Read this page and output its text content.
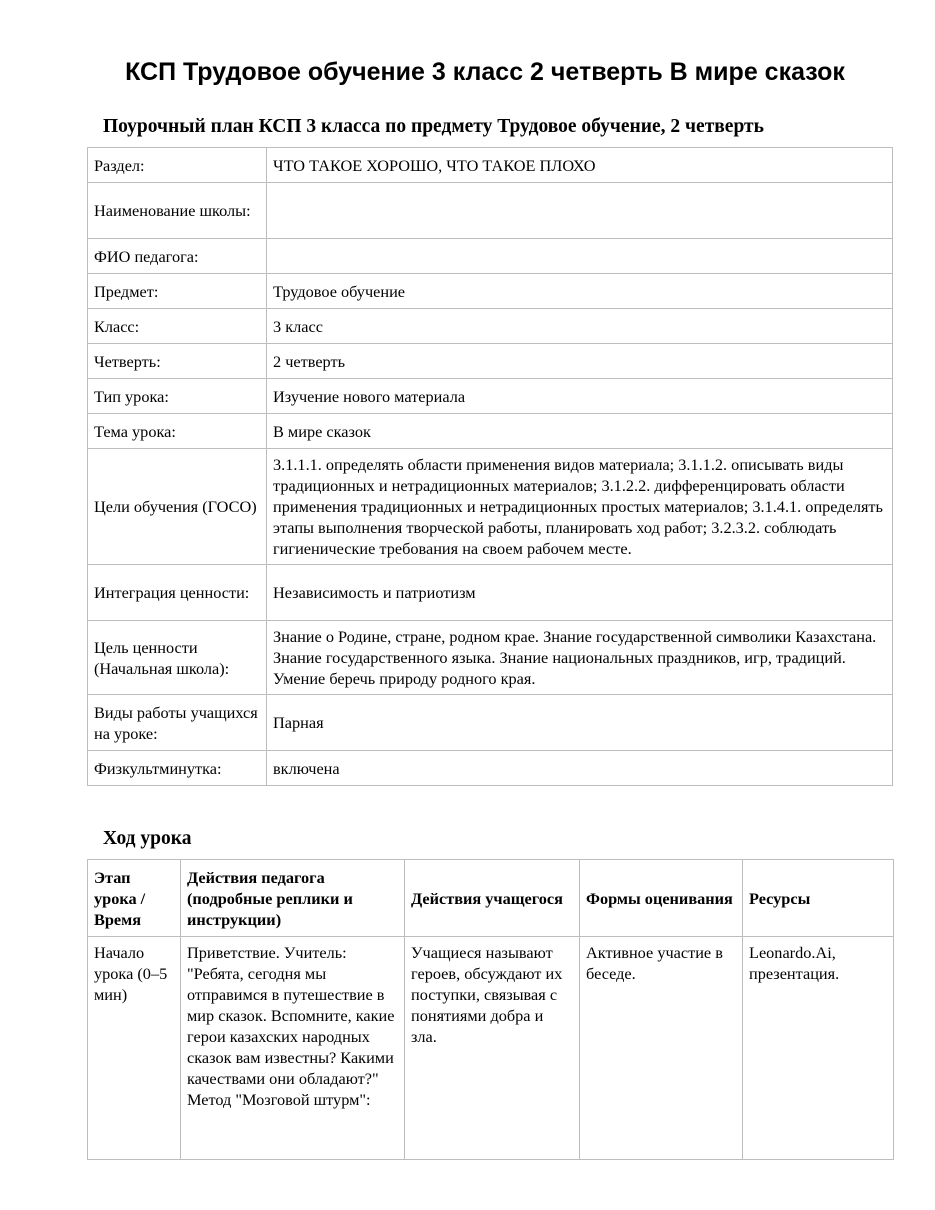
КСП Трудовое обучение 3 класс 2 четверть В мире сказок
Поурочный план КСП 3 класса по предмету Трудовое обучение, 2 четверть
Раздел:	ЧТО ТАКОЕ ХОРОШО, ЧТО ТАКОЕ ПЛОХО
Наименование школы:	
ФИО педагога:	
Предмет:	Трудовое обучение
Класс:	3 класс
Четверть:	2 четверть
Тип урока:	Изучение нового материала
Тема урока:	В мире сказок
Цели обучения (ГОСО)	3.1.1.1. определять области применения видов материала; 3.1.1.2. описывать виды традиционных и нетрадиционных материалов; 3.1.2.2. дифференцировать области применения традиционных и нетрадиционных простых материалов; 3.1.4.1. определять этапы выполнения творческой работы, планировать ход работ; 3.2.3.2. соблюдать гигиенические требования на своем рабочем месте.
Интеграция ценности:	Независимость и патриотизм
Цель ценности (Начальная школа):	Знание о Родине, стране, родном крае. Знание государственной символики Казахстана. Знание государственного языка. Знание национальных праздников, игр, традиций. Умение беречь природу родного края.
Виды работы учащихся на уроке:	Парная
Физкультминутка:	включена
Ход урока
Этап урока / Время	Действия педагога (подробные реплики и инструкции)	Действия учащегося	Формы оценивания	Ресурсы
Начало урока (0–5 мин)	Приветствие. Учитель: "Ребята, сегодня мы отправимся в путешествие в мир сказок. Вспомните, какие герои казахских народных сказок вам известны? Какими качествами они обладают?" Метод "Мозговой штурм":	Учащиеся называют героев, обсуждают их поступки, связывая с понятиями добра и зла.	Активное участие в беседе.	Leonardo.Ai, презентация.
